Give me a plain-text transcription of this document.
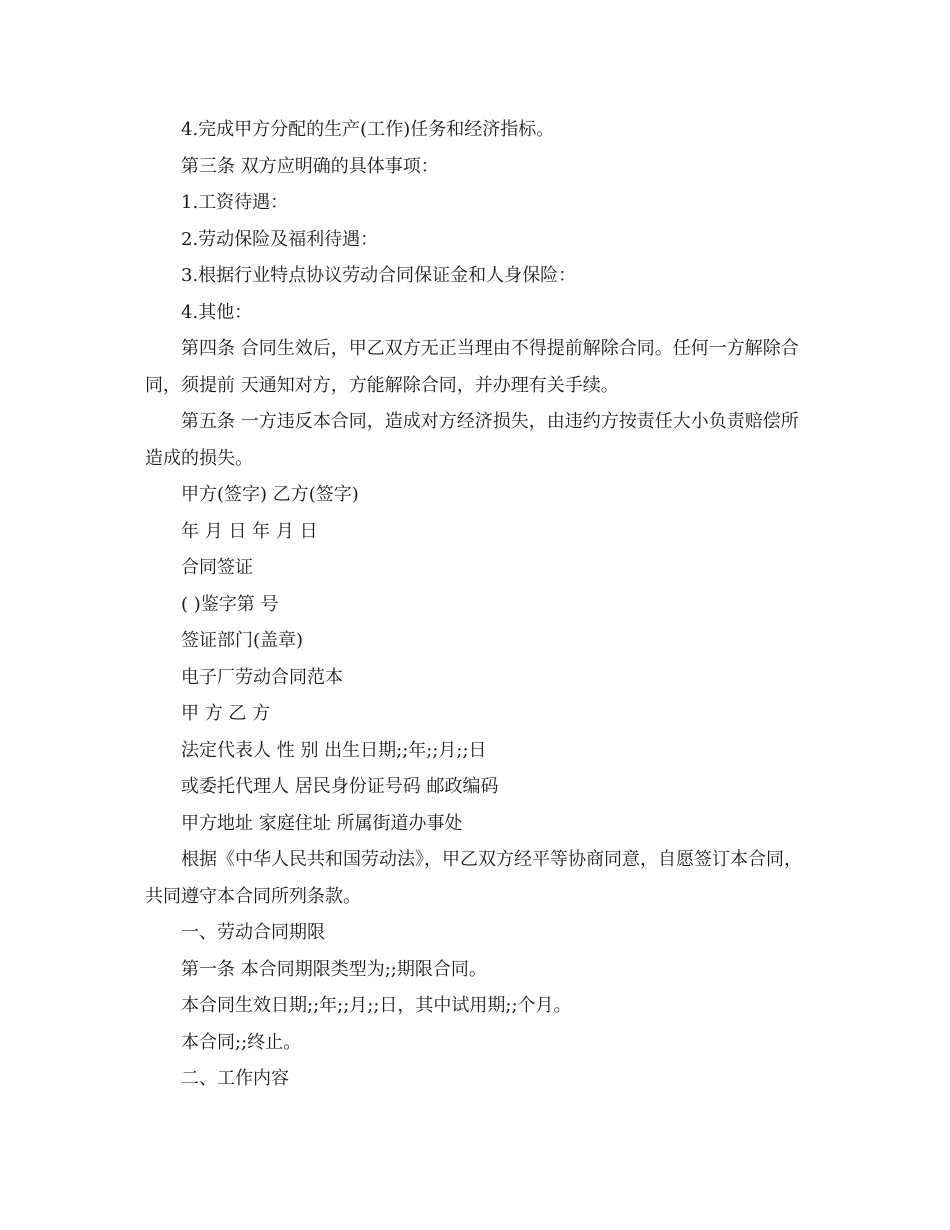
4.完成甲方分配的生产(工作)任务和经济指标。

第三条 双方应明确的具体事项：

1.工资待遇：

2.劳动保险及福利待遇：

3.根据行业特点协议劳动合同保证金和人身保险：

4.其他：

第四条 合同生效后，甲乙双方无正当理由不得提前解除合同。任何一方解除合同，须提前 天通知对方，方能解除合同，并办理有关手续。

第五条 一方违反本合同，造成对方经济损失，由违约方按责任大小负责赔偿所造成的损失。

甲方(签字) 乙方(签字)

年 月 日 年 月 日

合同签证

( )鉴字第 号

签证部门(盖章)

电子厂劳动合同范本

甲 方 乙 方

法定代表人 性 别 出生日期;;年;;月;;日

或委托代理人 居民身份证号码 邮政编码

甲方地址 家庭住址 所属街道办事处

根据《中华人民共和国劳动法》，甲乙双方经平等协商同意，自愿签订本合同，共同遵守本合同所列条款。

一、劳动合同期限

第一条 本合同期限类型为;;期限合同。

本合同生效日期;;年;;月;;日，其中试用期;;个月。

本合同;;终止。

二、工作内容
